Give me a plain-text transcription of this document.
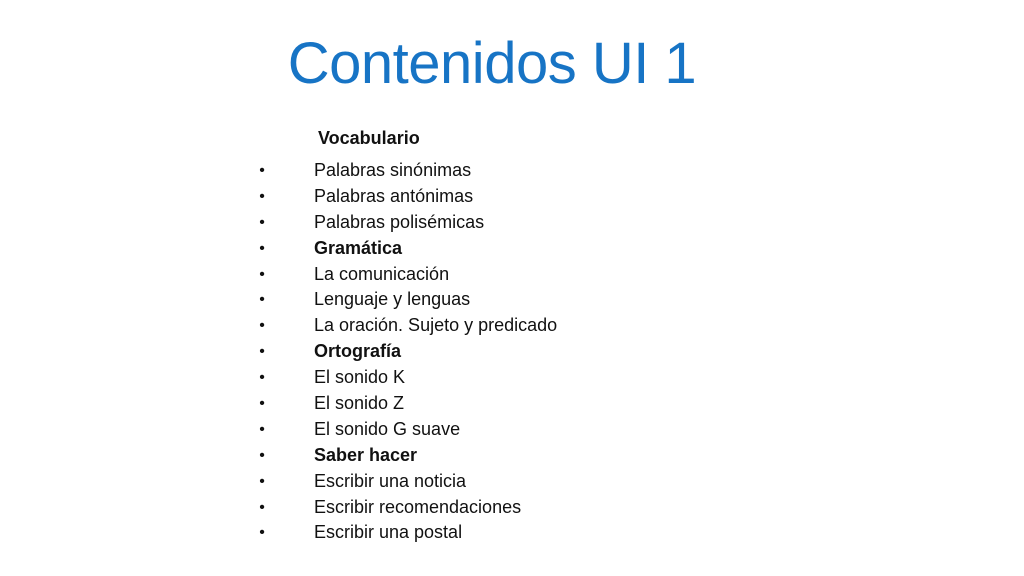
Contenidos UI 1
Vocabulario
•	Palabras sinónimas
•	Palabras antónimas
•	Palabras polisémicas
•	Gramática
•	La comunicación
•	Lenguaje y lenguas
•	La oración. Sujeto y predicado
•	Ortografía
•	El sonido K
•	El sonido Z
•	El sonido G suave
•	Saber hacer
•	Escribir una noticia
•	Escribir recomendaciones
•	Escribir una postal
